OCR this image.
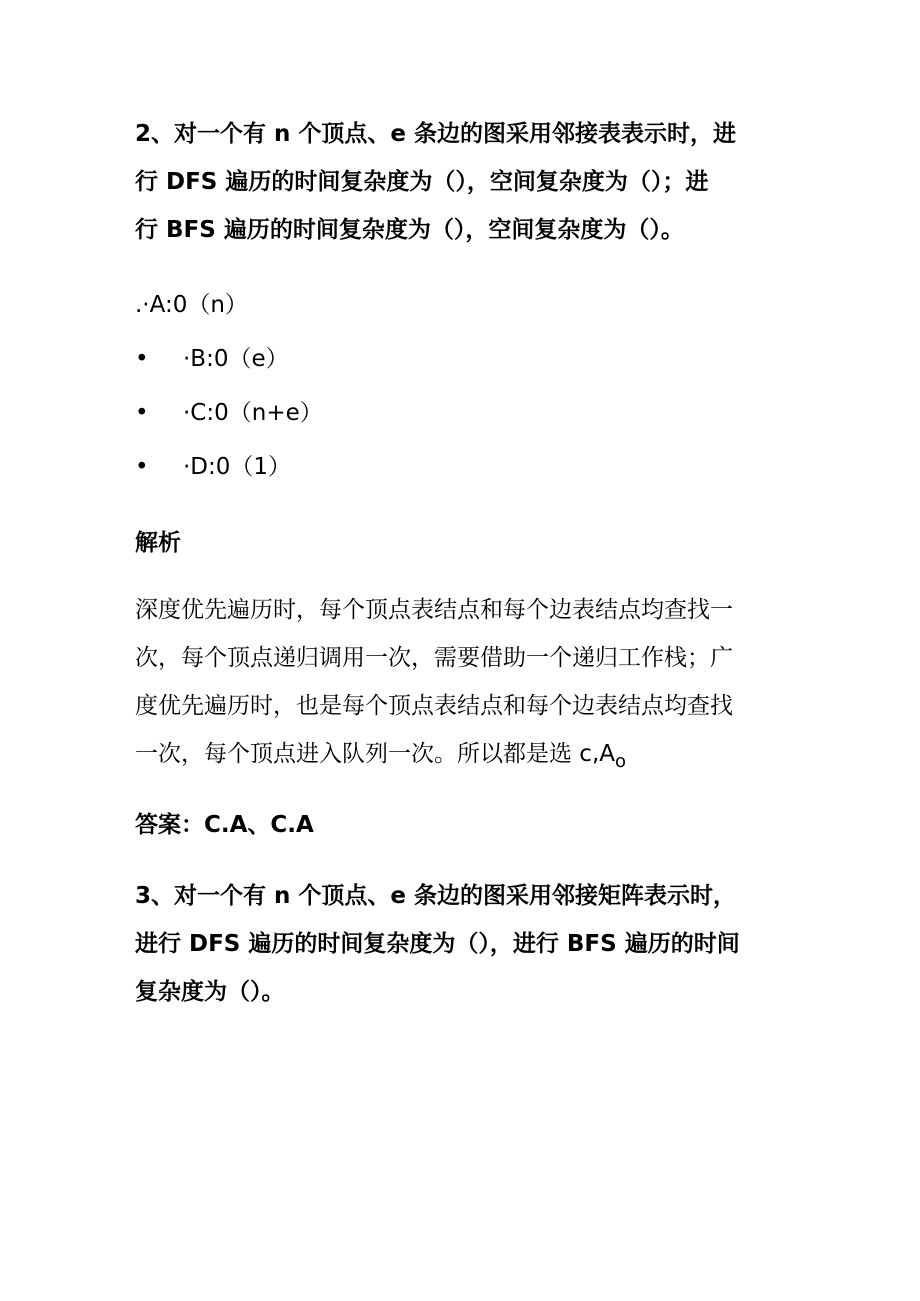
2、对一个有 n 个顶点、e 条边的图采用邻接表表示时，进
行 DFS 遍历的时间复杂度为（），空间复杂度为（）；进
行 BFS 遍历的时间复杂度为（），空间复杂度为（）。
.·A:0（n）
• ·B:0（e）
• ·C:0（n+e）
• ·D:0（1）
解析
深度优先遍历时，每个顶点表结点和每个边表结点均查找一
次，每个顶点递归调用一次，需要借助一个递归工作栈；广
度优先遍历时，也是每个顶点表结点和每个边表结点均查找
一次，每个顶点进入队列一次。所以都是选 $c,A_o$
答案：C.A、C.A
3、对一个有 n 个顶点、e 条边的图采用邻接矩阵表示时，
进行 DFS 遍历的时间复杂度为（），进行 BFS 遍历的时间
复杂度为（）。
